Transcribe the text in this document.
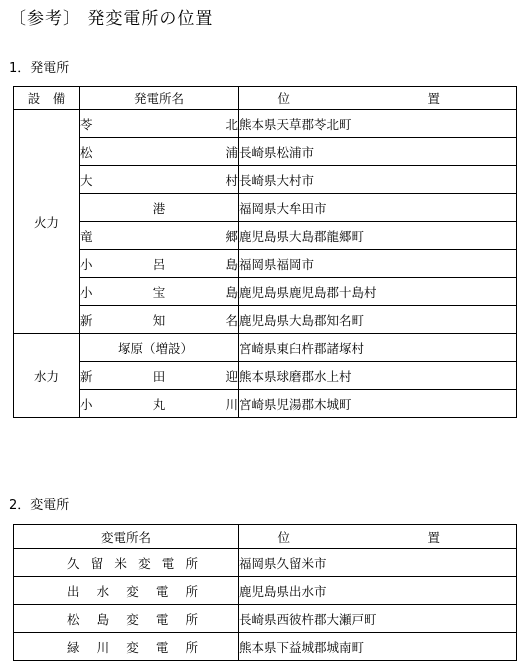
〔参考〕 発変電所の位置
1．発電所
設　備	発電所名	位　　置
火力	苓北	熊本県天草郡苓北町

	松浦	長崎県松浦市

	大村	長崎県大村市
	港	福岡県大牟田市

	竜郷	鹿児島県大島郡龍郷町

	小呂島	福岡県福岡市

	小宝島	鹿児島県鹿児島郡十島村

	新知名	鹿児島県大島郡知名町
水力	塚原（増設）	宮崎県東臼杵郡諸塚村

	新田迎	熊本県球磨郡水上村

	小丸川	宮崎県児湯郡木城町
2．変電所
変電所名	位　　置

久留米変電所	福岡県久留米市

出水変電所	鹿児島県出水市

松島変電所	長崎県西彼杵郡大瀬戸町

緑川変電所	熊本県下益城郡城南町
